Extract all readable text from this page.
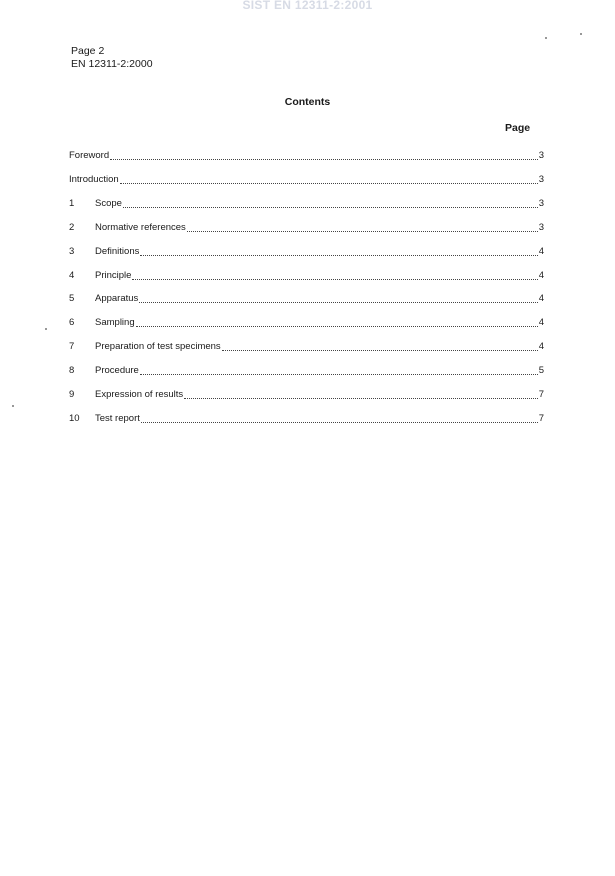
SIST EN 12311-2:2001
Page 2
EN 12311-2:2000
Contents
Page
Foreword	3
Introduction	3
1	Scope	3
2	Normative references	3
3	Definitions	4
4	Principle	4
5	Apparatus	4
6	Sampling	4
7	Preparation of test specimens	4
8	Procedure	5
9	Expression of results	7
10	Test report	7
